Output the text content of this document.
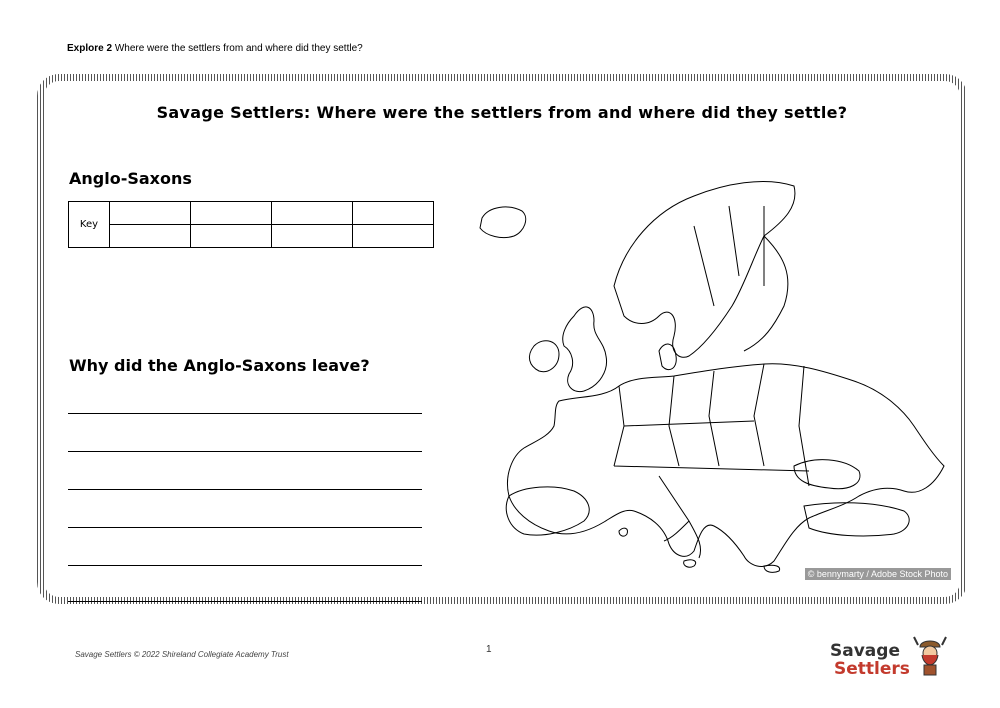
Explore 2 Where were the settlers from and where did they settle?
Savage Settlers: Where were the settlers from and where did they settle?
Anglo-Saxons
Key				

Why did the Anglo-Saxons leave?
© bennymarty / Adobe Stock Photo
Savage Settlers © 2022 Shireland Collegiate Academy Trust	1	Savage
Settlers
